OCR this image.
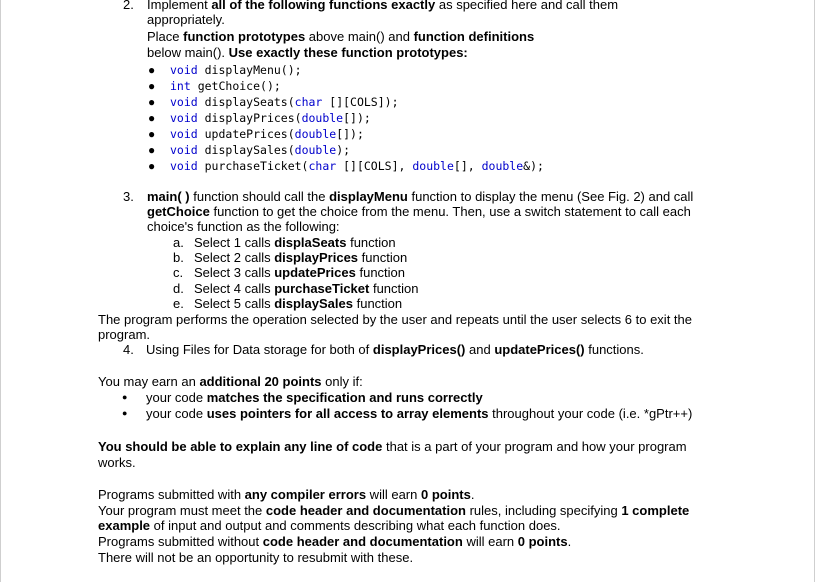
2. Implement all of the following functions exactly as specified here and call them
appropriately.
Place function prototypes above main() and function definitions
below main(). Use exactly these function prototypes:
● void displayMenu();
● int getChoice();
● void displaySeats(char [][COLS]);
● void displayPrices(double[]);
● void updatePrices(double[]);
● void displaySales(double);
● void purchaseTicket(char [][COLS], double[], double&);
3. main( ) function should call the displayMenu function to display the menu (See Fig. 2) and call
getChoice function to get the choice from the menu. Then, use a switch statement to call each
choice's function as the following:
a. Select 1 calls displaSeats function
b. Select 2 calls displayPrices function
c. Select 3 calls updatePrices function
d. Select 4 calls purchaseTicket function
e. Select 5 calls displaySales function
The program performs the operation selected by the user and repeats until the user selects 6 to exit the
program.
4. Using Files for Data storage for both of displayPrices() and updatePrices() functions.
You may earn an additional 20 points only if:
● your code matches the specification and runs correctly
● your code uses pointers for all access to array elements throughout your code (i.e. *gPtr++)
You should be able to explain any line of code that is a part of your program and how your program
works.
Programs submitted with any compiler errors will earn 0 points.
Your program must meet the code header and documentation rules, including specifying 1 complete
example of input and output and comments describing what each function does.
Programs submitted without code header and documentation will earn 0 points.
There will not be an opportunity to resubmit with these.
